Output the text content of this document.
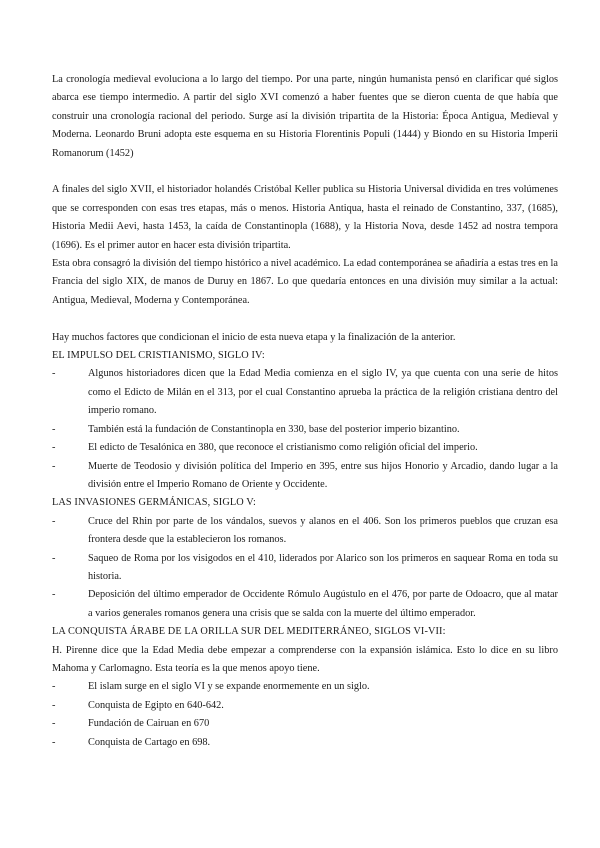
La cronología medieval evoluciona a lo largo del tiempo. Por una parte, ningún humanista pensó en clarificar qué siglos abarca ese tiempo intermedio. A partir del siglo XVI comenzó a haber fuentes que se dieron cuenta de que había que construir una cronología racional del periodo. Surge así la división tripartita de la Historia: Época Antigua, Medieval y Moderna. Leonardo Bruni adopta este esquema en su Historia Florentinis Populi (1444) y Biondo en su Historia Imperii Romanorum (1452)

A finales del siglo XVII, el historiador holandés Cristóbal Keller publica su Historia Universal dividida en tres volúmenes que se corresponden con esas tres etapas, más o menos. Historia Antiqua, hasta el reinado de Constantino, 337, (1685), Historia Medii Aevi, hasta 1453, la caída de Constantinopla (1688), y la Historia Nova, desde 1452 ad nostra tempora (1696). Es el primer autor en hacer esta división tripartita.

Esta obra consagró la división del tiempo histórico a nivel académico. La edad contemporánea se añadiría a estas tres en la Francia del siglo XIX, de manos de Duruy en 1867. Lo que quedaría entonces en una división muy similar a la actual: Antigua, Medieval, Moderna y Contemporánea.

Hay muchos factores que condicionan el inicio de esta nueva etapa y la finalización de la anterior.

EL IMPULSO DEL CRISTIANISMO, SIGLO IV:

-	Algunos historiadores dicen que la Edad Media comienza en el siglo IV, ya que cuenta con una serie de hitos como el Edicto de Milán en el 313, por el cual Constantino aprueba la práctica de la religión cristiana dentro del imperio romano.
-	También está la fundación de Constantinopla en 330, base del posterior imperio bizantino.
-	El edicto de Tesalónica en 380, que reconoce el cristianismo como religión oficial del imperio.
-	Muerte de Teodosio y división política del Imperio en 395, entre sus hijos Honorio y Arcadio, dando lugar a la división entre el Imperio Romano de Oriente y Occidente.

LAS INVASIONES GERMÁNICAS, SIGLO V:

-	Cruce del Rhin por parte de los vándalos, suevos y alanos en el 406. Son los primeros pueblos que cruzan esa frontera desde que la establecieron los romanos.
-	Saqueo de Roma por los visigodos en el 410, liderados por Alarico son los primeros en saquear Roma en toda su historia.
-	Deposición del último emperador de Occidente Rómulo Augústulo en el 476, por parte de Odoacro, que al matar a varios generales romanos genera una crisis que se salda con la muerte del último emperador.

LA CONQUISTA ÁRABE DE LA ORILLA SUR DEL MEDITERRÁNEO, SIGLOS VI-VII:

H. Pirenne dice que la Edad Media debe empezar a comprenderse con la expansión islámica. Esto lo dice en su libro Mahoma y Carlomagno. Esta teoría es la que menos apoyo tiene.

-	El islam surge en el siglo VI y se expande enormemente en un siglo.
-	Conquista de Egipto en 640-642.
-	Fundación de Cairuan en 670
-	Conquista de Cartago en 698.
